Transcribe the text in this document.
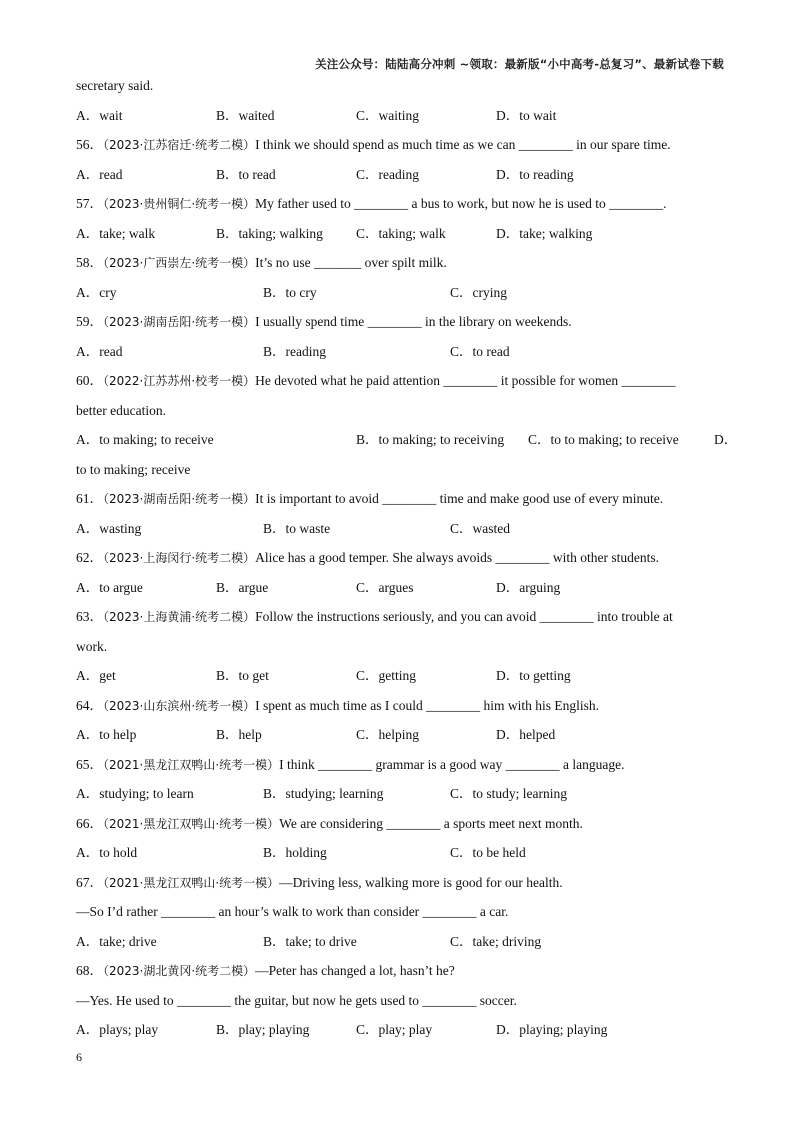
关注公众号：陆陆高分冲刺 ~领取：最新版“小中高考-总复习”、最新试卷下载
secretary said.
A．wait	B．waited	C．waiting	D．to wait
56．（2023·江苏宿迁·统考二模）I think we should spend as much time as we can ________ in our spare time.
A．read	B．to read	C．reading	D．to reading
57．（2023·贵州铜仁·统考一模）My father used to ________ a bus to work, but now he is used to ________.
A．take; walk	B．taking; walking C．taking; walk	D．take; walking
58．（2023·广西崇左·统考一模）It’s no use _______ over spilt milk.
A．cry	B．to cry	C．crying
59．（2023·湖南岳阳·统考一模）I usually spend time ________ in the library on weekends.
A．read	B．reading	C．to read
60．（2022·江苏苏州·校考一模）He devoted what he paid attention ________ it possible for women ________
better education.
A．to making; to receive	B．to making; to receiving C．to to making; to receive	D．
to to making; receive
61．（2023·湖南岳阳·统考一模）It is important to avoid ________ time and make good use of every minute.
A．wasting	B．to waste	C．wasted
62．（2023·上海闵行·统考二模）Alice has a good temper. She always avoids ________ with other students.
A．to argue	B．argue	C．argues	D．arguing
63．（2023·上海黄浦·统考二模）Follow the instructions seriously, and you can avoid ________ into trouble at
work.
A．get	B．to get	C．getting	D．to getting
64．（2023·山东滨州·统考一模）I spent as much time as I could ________ him with his English.
A．to help	B．help	C．helping	D．helped
65．（2021·黑龙江双鸭山·统考一模）I think ________ grammar is a good way ________ a language.
A．studying; to learn	B．studying; learning	C．to study; learning
66．（2021·黑龙江双鸭山·统考一模）We are considering ________ a sports meet next month.
A．to hold	B．holding	C．to be held
67．（2021·黑龙江双鸭山·统考一模）—Driving less, walking more is good for our health.
—So I’d rather ________ an hour’s walk to work than consider ________ a car.
A．take; drive	B．take; to drive	C．take; driving
68．（2023·湖北黄冈·统考二模）—Peter has changed a lot, hasn’t he?
—Yes. He used to ________ the guitar, but now he gets used to ________ soccer.
A．plays; play	B．play; playing	C．play; play	D．playing; playing
6
